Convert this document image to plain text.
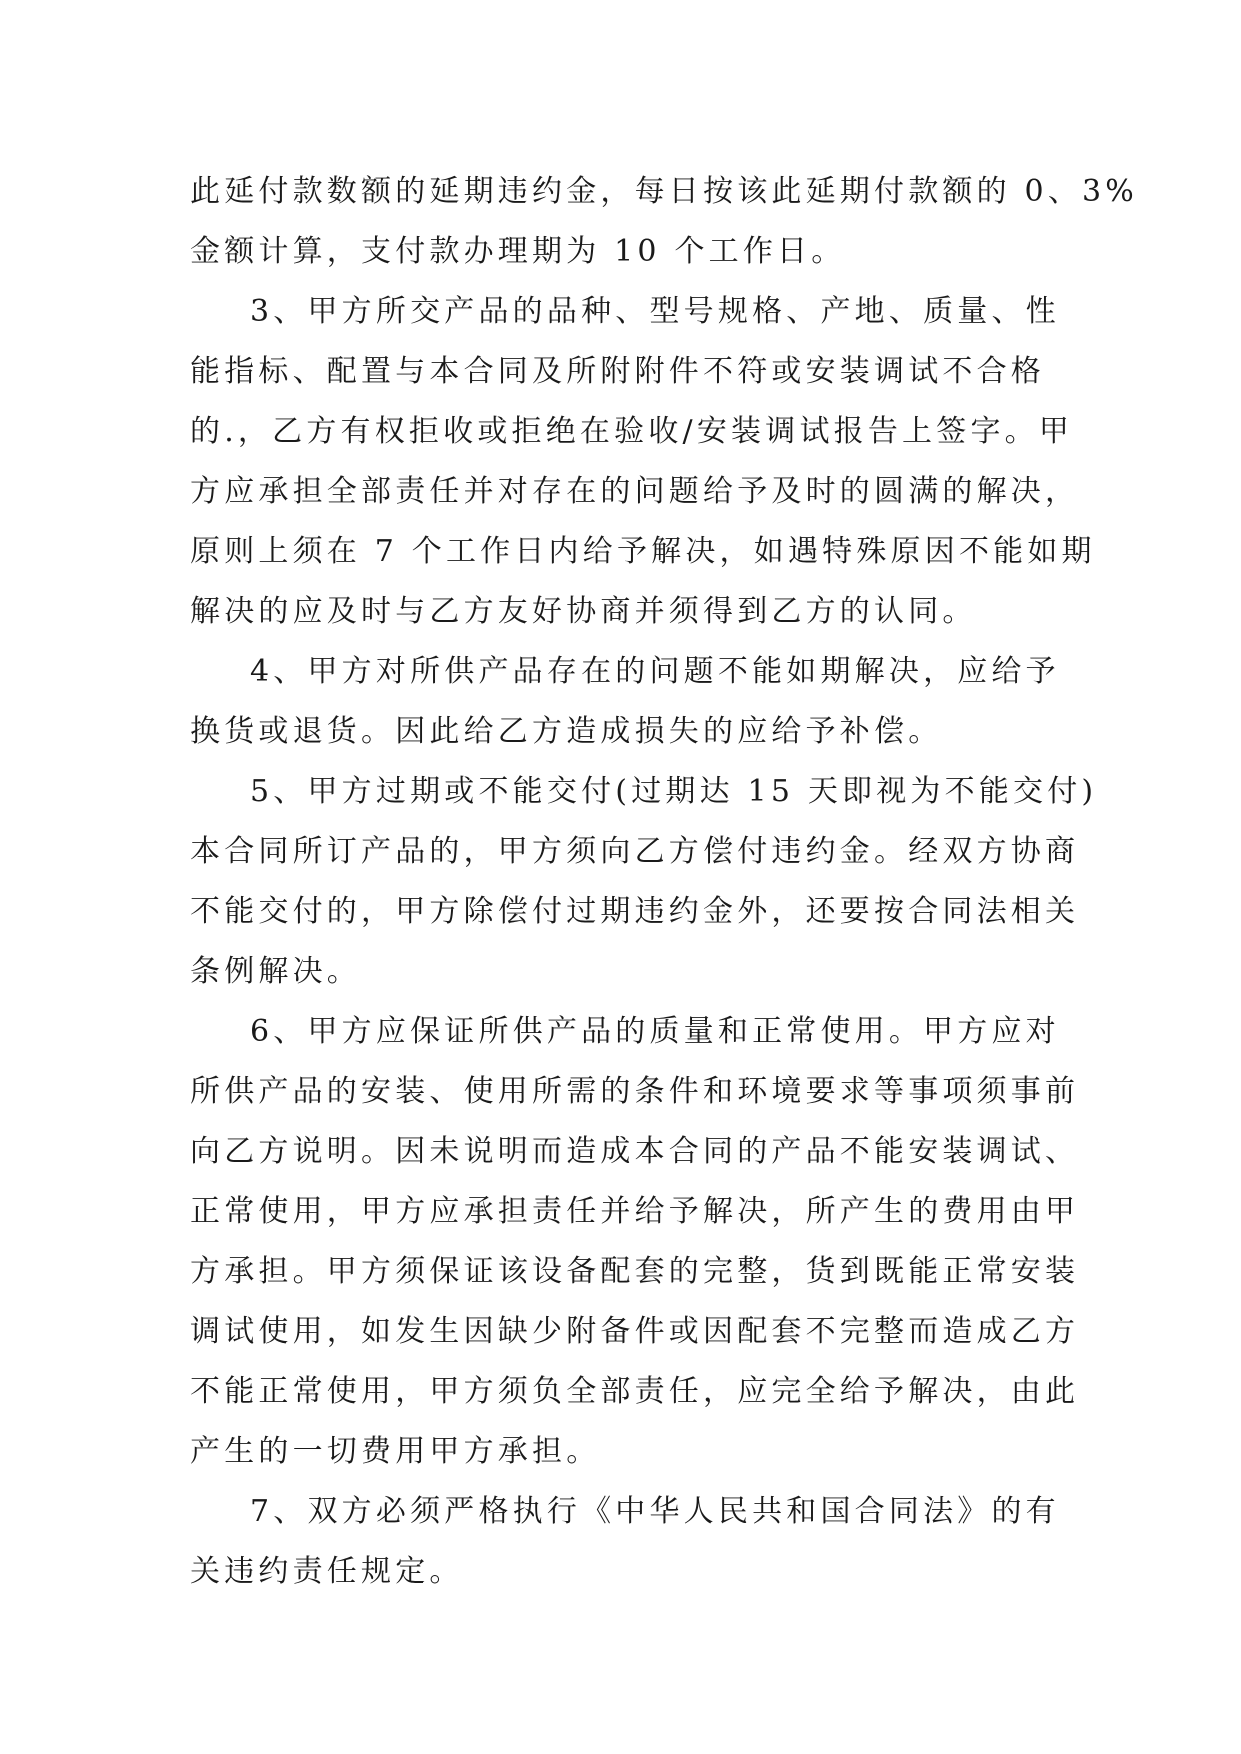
此延付款数额的延期违约金，每日按该此延期付款额的 0、3%
金额计算，支付款办理期为 10 个工作日。
3、甲方所交产品的品种、型号规格、产地、质量、性
能指标、配置与本合同及所附附件不符或安装调试不合格
的.，乙方有权拒收或拒绝在验收/安装调试报告上签字。甲
方应承担全部责任并对存在的问题给予及时的圆满的解决，
原则上须在 7 个工作日内给予解决，如遇特殊原因不能如期
解决的应及时与乙方友好协商并须得到乙方的认同。
4、甲方对所供产品存在的问题不能如期解决，应给予
换货或退货。因此给乙方造成损失的应给予补偿。
5、甲方过期或不能交付(过期达 15 天即视为不能交付)
本合同所订产品的，甲方须向乙方偿付违约金。经双方协商
不能交付的，甲方除偿付过期违约金外，还要按合同法相关
条例解决。
6、甲方应保证所供产品的质量和正常使用。甲方应对
所供产品的安装、使用所需的条件和环境要求等事项须事前
向乙方说明。因未说明而造成本合同的产品不能安装调试、
正常使用，甲方应承担责任并给予解决，所产生的费用由甲
方承担。甲方须保证该设备配套的完整，货到既能正常安装
调试使用，如发生因缺少附备件或因配套不完整而造成乙方
不能正常使用，甲方须负全部责任，应完全给予解决，由此
产生的一切费用甲方承担。
7、双方必须严格执行《中华人民共和国合同法》的有
关违约责任规定。
